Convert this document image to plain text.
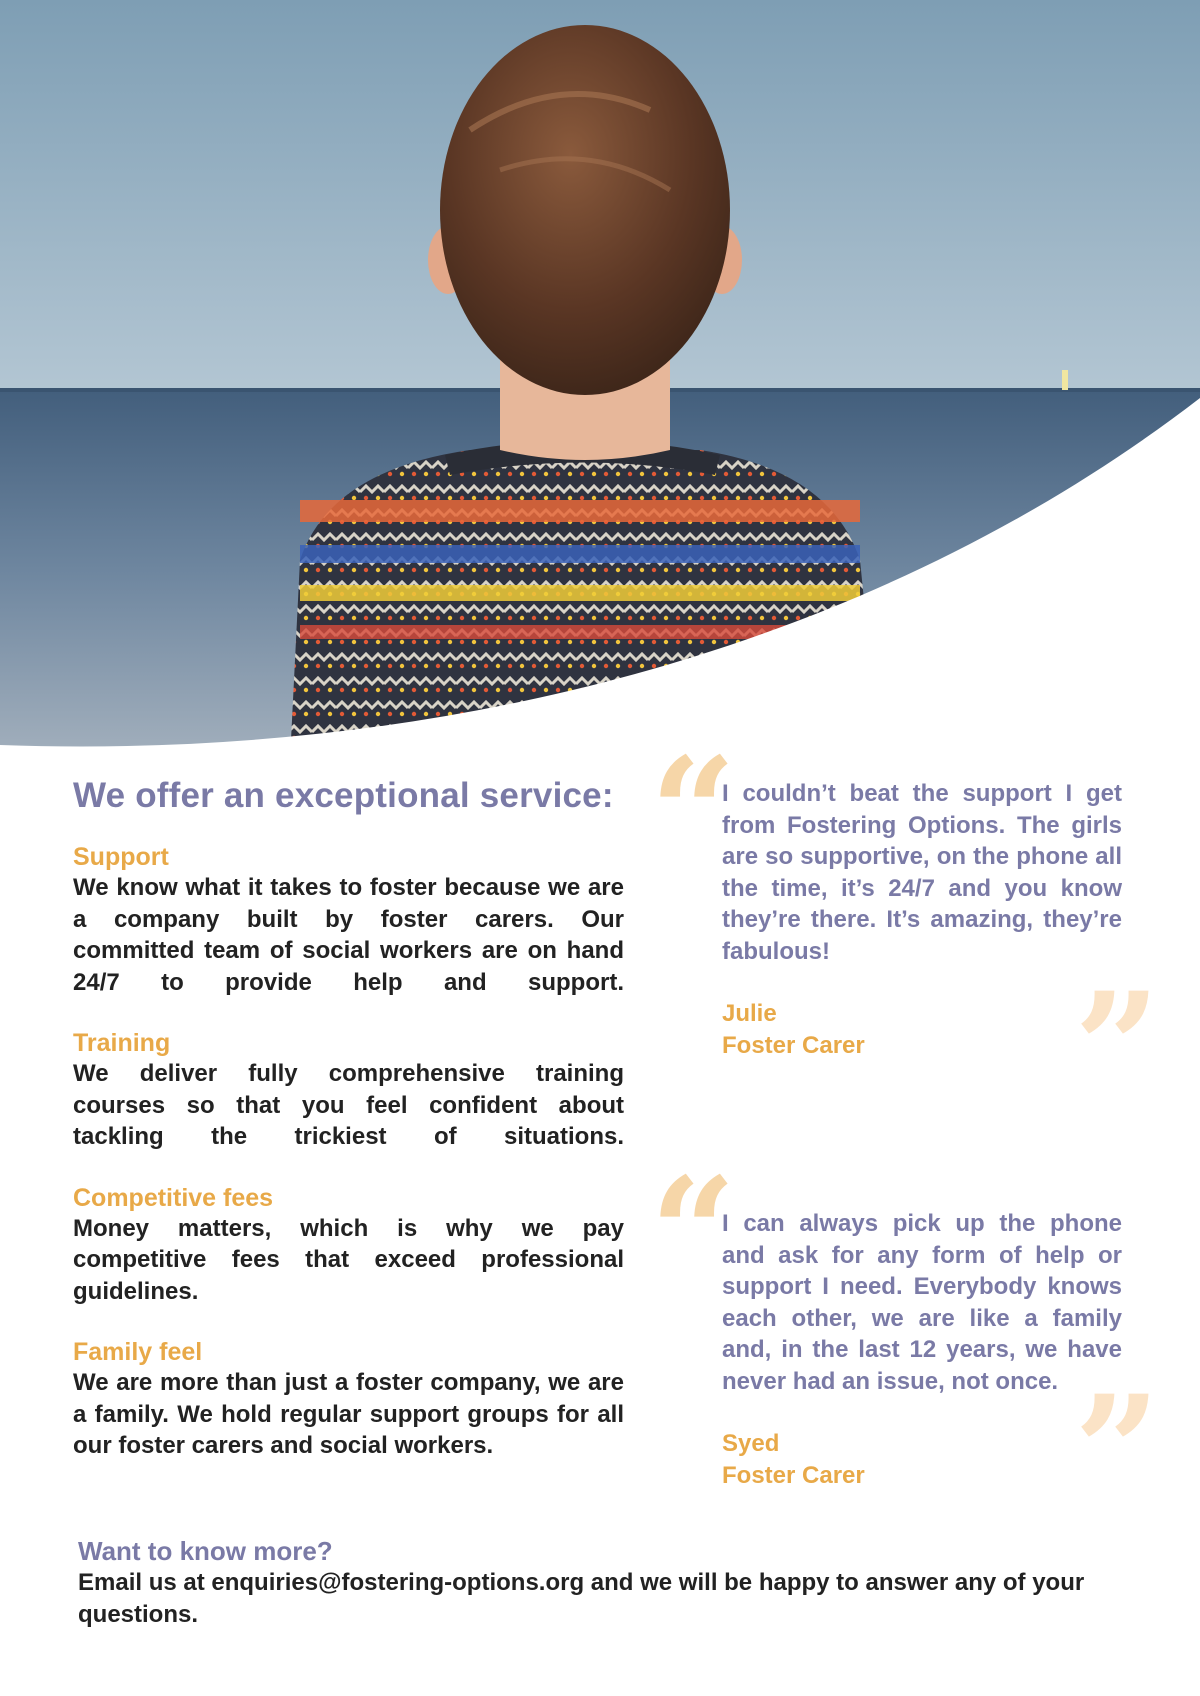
We offer an exceptional service:
Support

We know what it takes to foster because we are a company built by foster carers. Our committed team of social workers are on hand 24/7 to provide help and support.

Training

We deliver fully comprehensive training courses so that you feel confident about tackling the trickiest of situations.

Competitive fees

Money matters, which is why we pay competitive fees that exceed professional guidelines.

Family feel

We are more than just a foster company, we are a family. We hold regular support groups for all our foster carers and social workers.

“
”

I couldn’t beat the support I get from Fostering Options. The girls are so supportive, on the phone all the time, it’s 24/7 and you know they’re there. It’s amazing, they’re fabulous!

Julie
Foster Carer
“
”

I can always pick up the phone and ask for any form of help or support I need. Everybody knows each other, we are like a family and, in the last 12 years, we have never had an issue, not once.

Syed
Foster Carer
Want to know more?

Email us at enquiries@fostering-options.org and we will be happy to answer any of your questions.
